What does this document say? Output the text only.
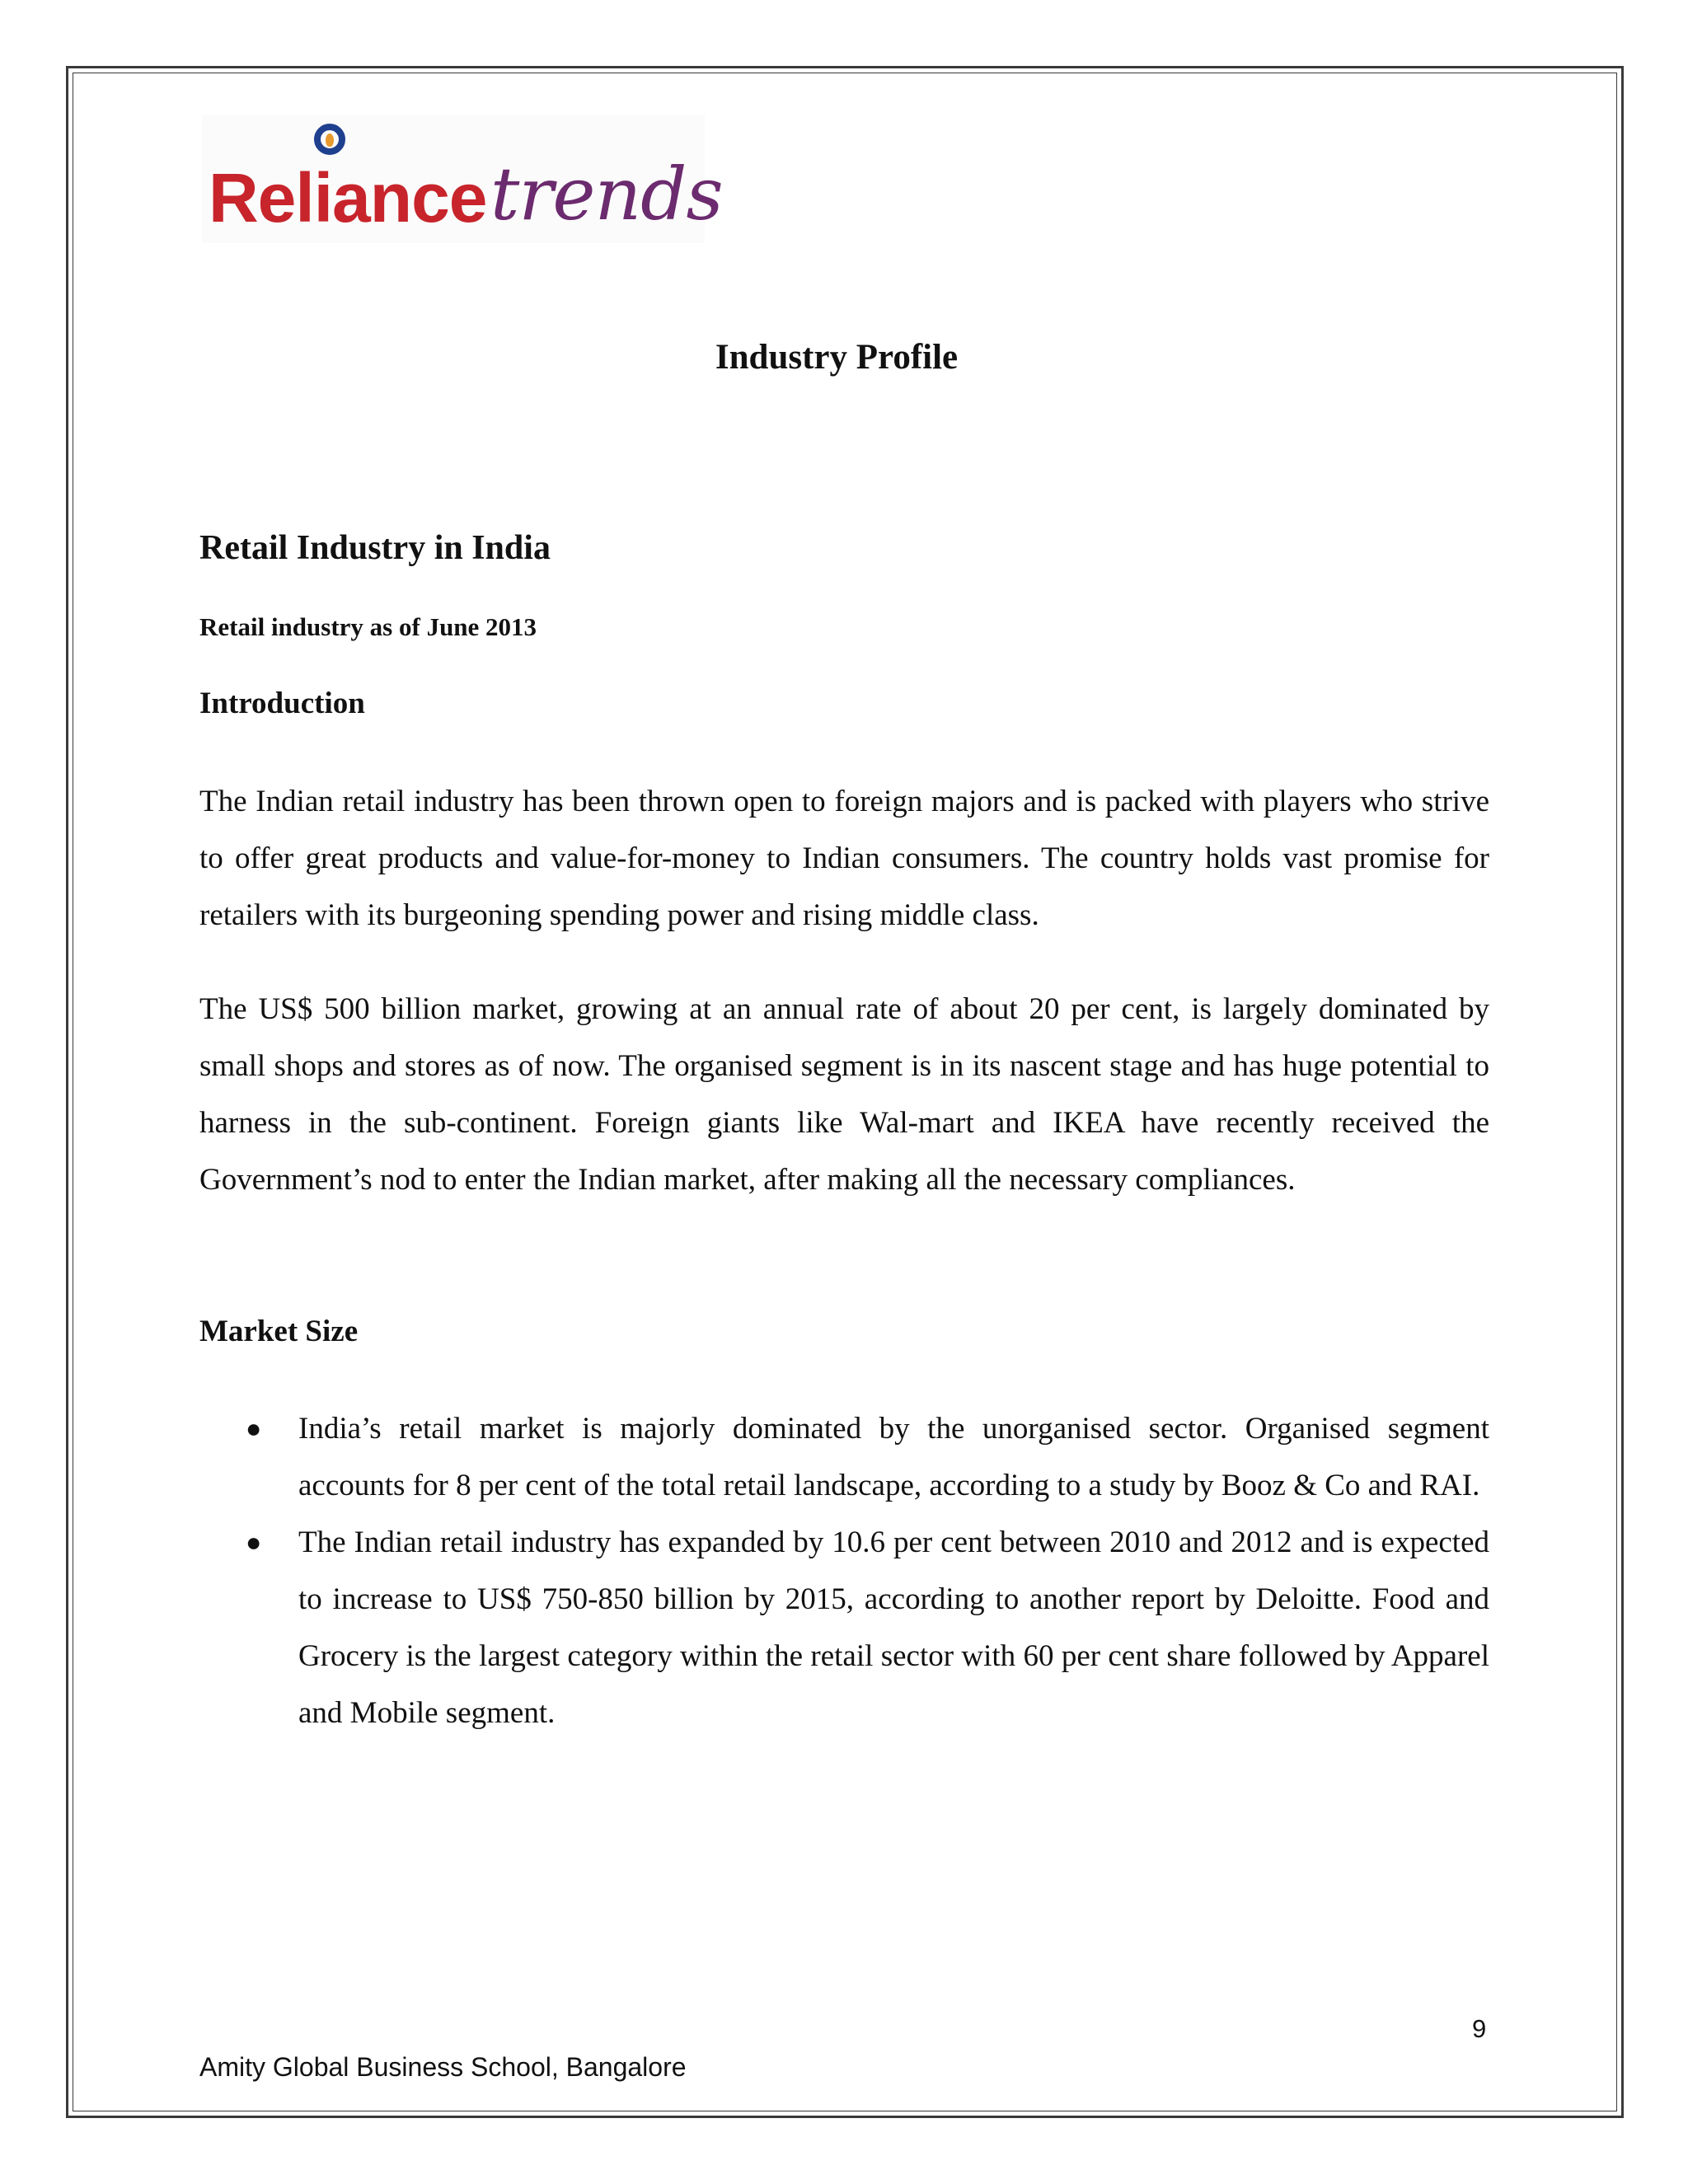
Reliance trends
Industry Profile
Retail Industry in India
Retail industry as of June 2013
Introduction

The Indian retail industry has been thrown open to foreign majors and is packed with players who strive to offer great products and value-for-money to Indian consumers. The country holds vast promise for retailers with its burgeoning spending power and rising middle class.

The US$ 500 billion market, growing at an annual rate of about 20 per cent, is largely dominated by small shops and stores as of now. The organised segment is in its nascent stage and has huge potential to harness in the sub-continent. Foreign giants like Wal-mart and IKEA have recently received the Government’s nod to enter the Indian market, after making all the necessary compliances.

Market Size
● India’s retail market is majorly dominated by the unorganised sector. Organised segment accounts for 8 per cent of the total retail landscape, according to a study by Booz & Co and RAI.
● The Indian retail industry has expanded by 10.6 per cent between 2010 and 2012 and is expected to increase to US$ 750-850 billion by 2015, according to another report by Deloitte. Food and Grocery is the largest category within the retail sector with 60 per cent share followed by Apparel and Mobile segment.
9
Amity Global Business School, Bangalore
